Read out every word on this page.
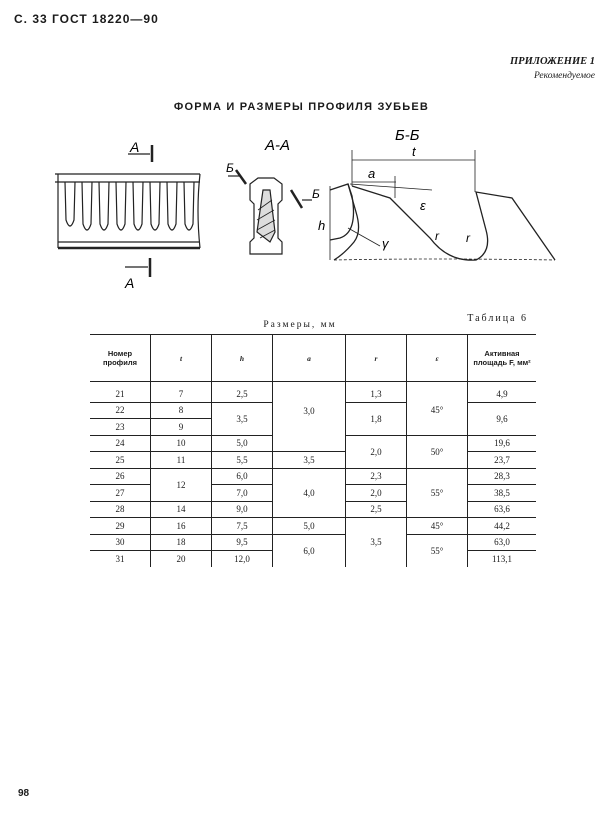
С. 33 ГОСТ 18220—90
ПРИЛОЖЕНИЕ 1
Рекомендуемое
ФОРМА И РАЗМЕРЫ ПРОФИЛЯ ЗУБЬЕВ
А
А
А-А
Б
Б
Б-Б
t
a
h
ε
r r
γ
Таблица 6
Размеры, мм
Номер профиля	t	h	a	r	ε	Активная площадь F, мм²
21	7	2,5	3,0	1,3	45°	4,9
22	8	3,5		1,8		9,6
23	9					
24	10	5,0		2,0	50°	19,6
25	11	5,5	3,5			23,7
26	12	6,0	4,0	2,3	55°	28,3
27		7,0		2,0		38,5
28	14	9,0		2,5		63,6
29	16	7,5	5,0	3,5	45°	44,2
30	18	9,5	6,0		55°	63,0
31	20	12,0				113,1
98
